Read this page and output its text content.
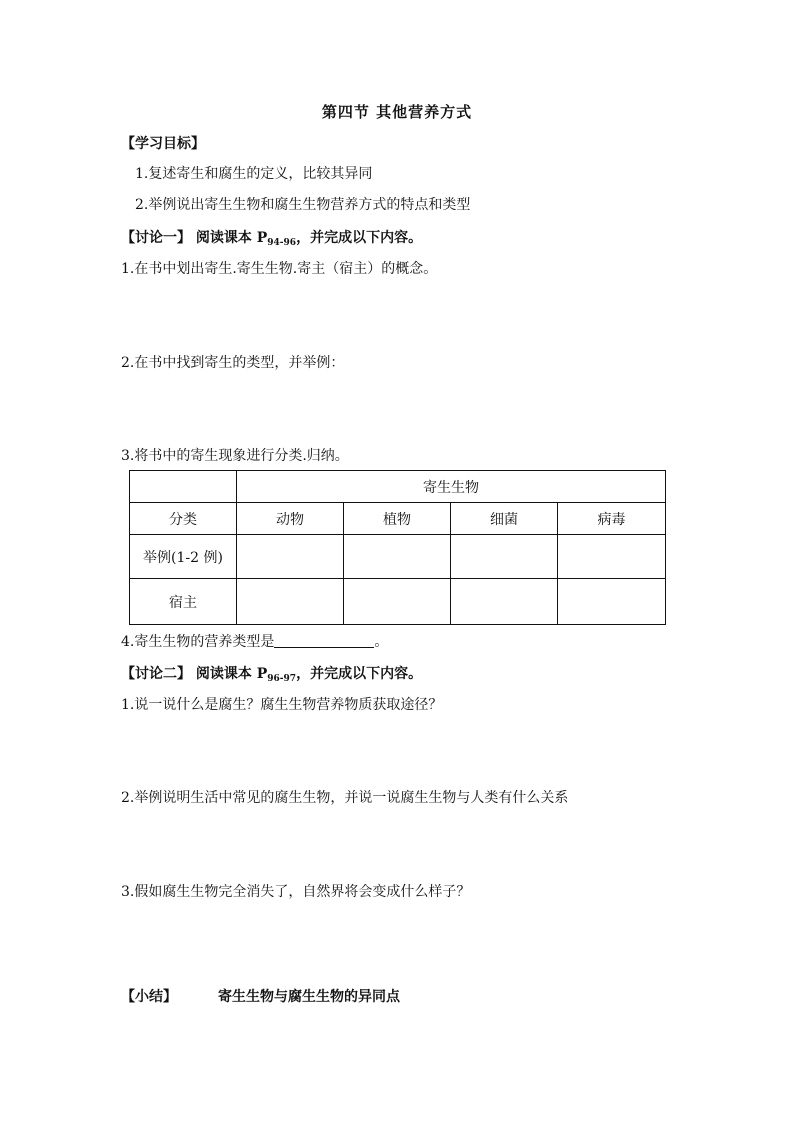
第四节 其他营养方式
【学习目标】
1.复述寄生和腐生的定义，比较其异同
2.举例说出寄生生物和腐生生物营养方式的特点和类型
【讨论一】 阅读课本 $P_{94-96}$，并完成以下内容。
1.在书中划出寄生.寄生生物.寄主（宿主）的概念。
2.在书中找到寄生的类型，并举例：
3.将书中的寄生现象进行分类.归纳。
	寄生生物			
分类	动物	植物	细菌	病毒
举例(1-2 例)				
宿主				
4.寄生生物的营养类型是	。
【讨论二】 阅读课本 $P_{96-97}$，并完成以下内容。
1.说一说什么是腐生？腐生生物营养物质获取途径？
2.举例说明生活中常见的腐生生物，并说一说腐生生物与人类有什么关系
3.假如腐生生物完全消失了，自然界将会变成什么样子？
【小结】	寄生生物与腐生生物的异同点
